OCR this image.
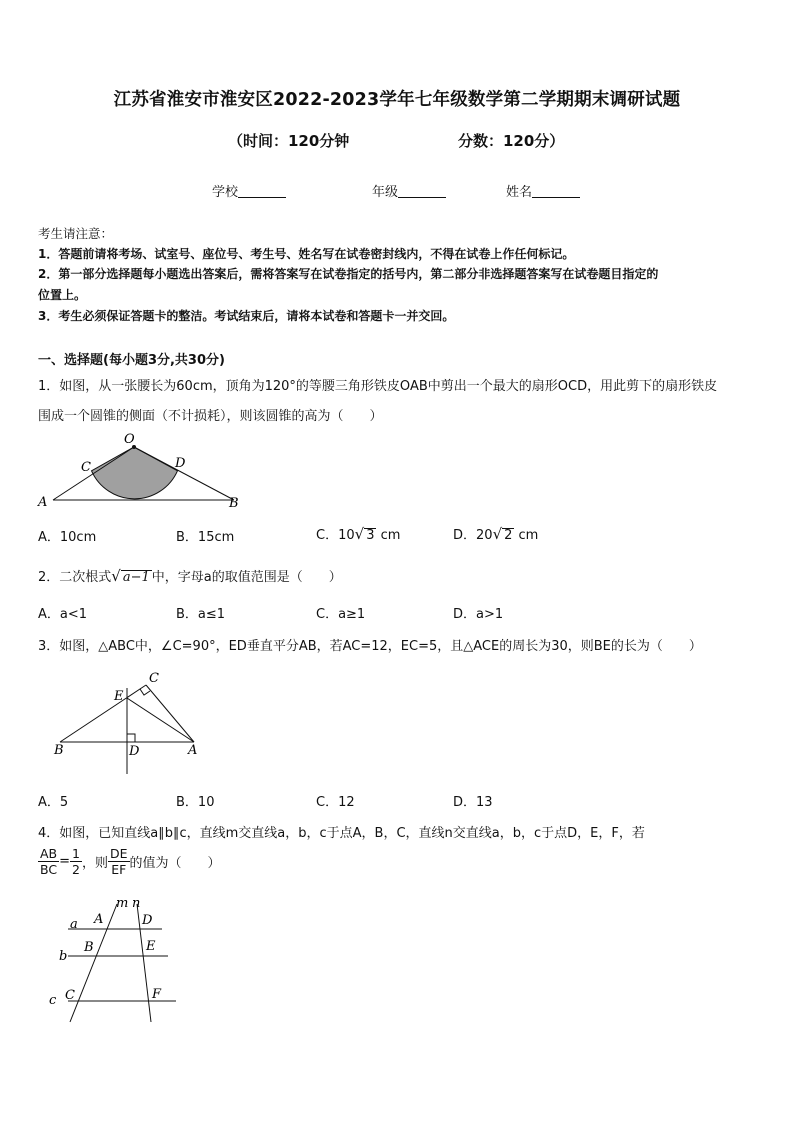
江苏省淮安市淮安区2022-2023学年七年级数学第二学期期末调研试题
（时间：120分钟	分数：120分）
学校	年级	姓名
考生请注意：
1．答题前请将考场、试室号、座位号、考生号、姓名写在试卷密封线内，不得在试卷上作任何标记。
2．第一部分选择题每小题选出答案后，需将答案写在试卷指定的括号内，第二部分非选择题答案写在试卷题目指定的
位置上。
3．考生必须保证答题卡的整洁。考试结束后，请将本试卷和答题卡一并交回。
一、选择题(每小题3分,共30分)
1．如图，从一张腰长为60cm，顶角为120°的等腰三角形铁皮OAB中剪出一个最大的扇形OCD，用此剪下的扇形铁皮
围成一个圆锥的侧面（不计损耗），则该圆锥的高为（　　）
O
C	D
A	B
A．10cm	B．15cm	C．10√ 3 cm	D．20√ 2 cm
2．二次根式√ a−1 中，字母a的取值范围是（　　）
A．a<1	B．a≤1	C．a≥1	D．a>1
3．如图，△ABC中，∠C=90°，ED垂直平分AB，若AC=12，EC=5，且△ACE的周长为30，则BE的长为（　　）
C
E
B	D	A
A．5	B．10	C．12	D．13
4．如图，已知直线a∥b∥c，直线m交直线a，b，c于点A，B，C，直线n交直线a，b，c于点D，E，F，若
$\frac{AB}{BC} = \frac{1}{2}$ ，则 $\frac{DE}{EF}$ 的值为（　　）
m n
a A	D
B	E
b
c C	F
